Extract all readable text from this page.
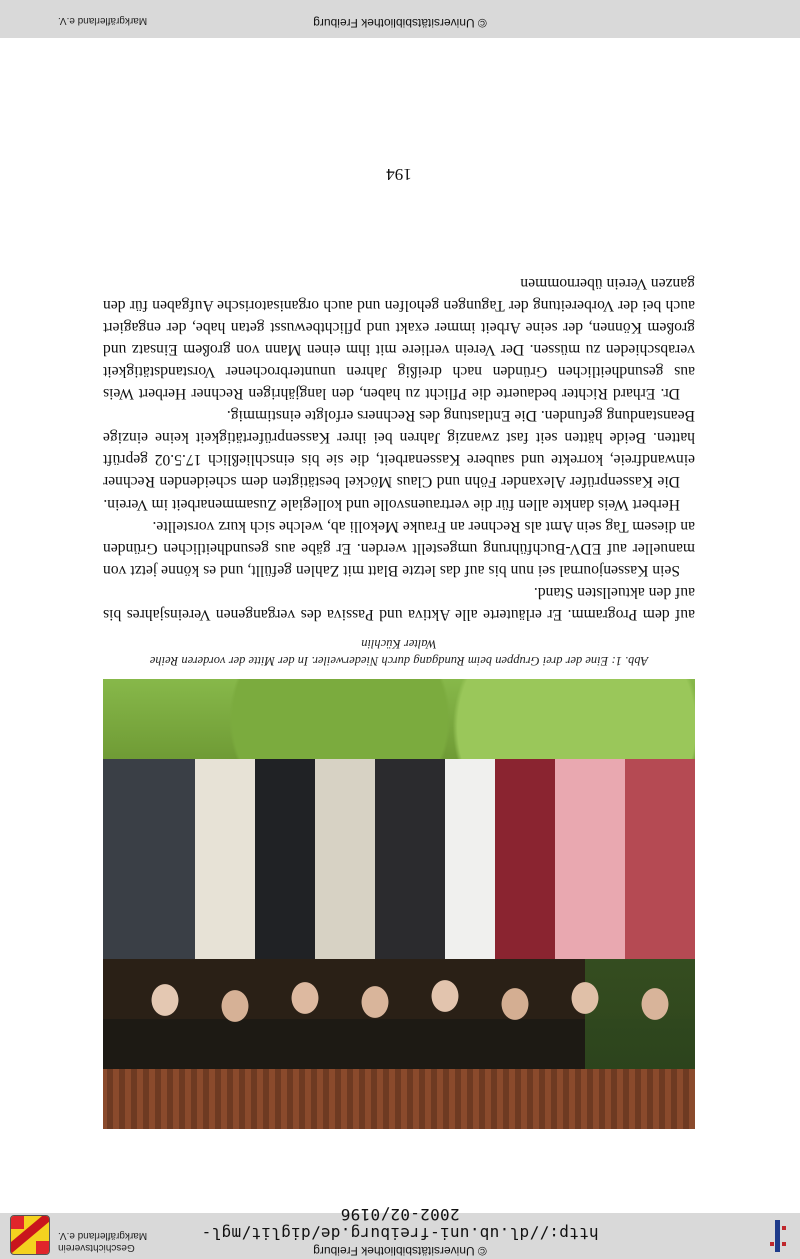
© Universitätsbibliothek Freiburg
http://dl.ub.uni-freiburg.de/diglit/mgl-2002-02/0196
Geschichtsverein
Markgräflerland e.V.
Abb. 1: Eine der drei Gruppen beim Rundgang durch Niederweiler. In der Mitte der vorderen Reihe
Walter Küchlin

auf dem Programm. Er erläuterte alle Aktiva und Passiva des vergangenen Vereinsjahres bis auf den aktuellsten Stand.

Sein Kassenjournal sei nun bis auf das letzte Blatt mit Zahlen gefüllt, und es könne jetzt von manueller auf EDV-Buchführung umgestellt werden. Er gäbe aus gesundheitlichen Gründen an diesem Tag sein Amt als Rechner an Frauke Mekolli ab, welche sich kurz vorstellte.

Herbert Weis dankte allen für die vertrauensvolle und kollegiale Zusammenarbeit im Verein.

Die Kassenprüfer Alexander Föhn und Claus Möckel bestätigten dem scheidenden Rechner einwandfreie, korrekte und saubere Kassenarbeit, die sie bis einschließlich 17.5.02 geprüft hatten. Beide hätten seit fast zwanzig Jahren bei ihrer Kassenprüfertätigkeit keine einzige Beanstandung gefunden. Die Entlastung des Rechners erfolgte einstimmig.

Dr. Erhard Richter bedauerte die Pflicht zu haben, den langjährigen Rechner Herbert Weis aus gesundheitlichen Gründen nach dreißig Jahren ununterbrochener Vorstandstätigkeit verabschieden zu müssen. Der Verein verliere mit ihm einen Mann von großem Einsatz und großem Können, der seine Arbeit immer exakt und pflichtbewusst getan habe, der engagiert auch bei der Vorbereitung der Tagungen geholfen und auch organisatorische Aufgaben für den ganzen Verein übernommen

194
© Universitätsbibliothek Freiburg
Markgräflerland e.V.
